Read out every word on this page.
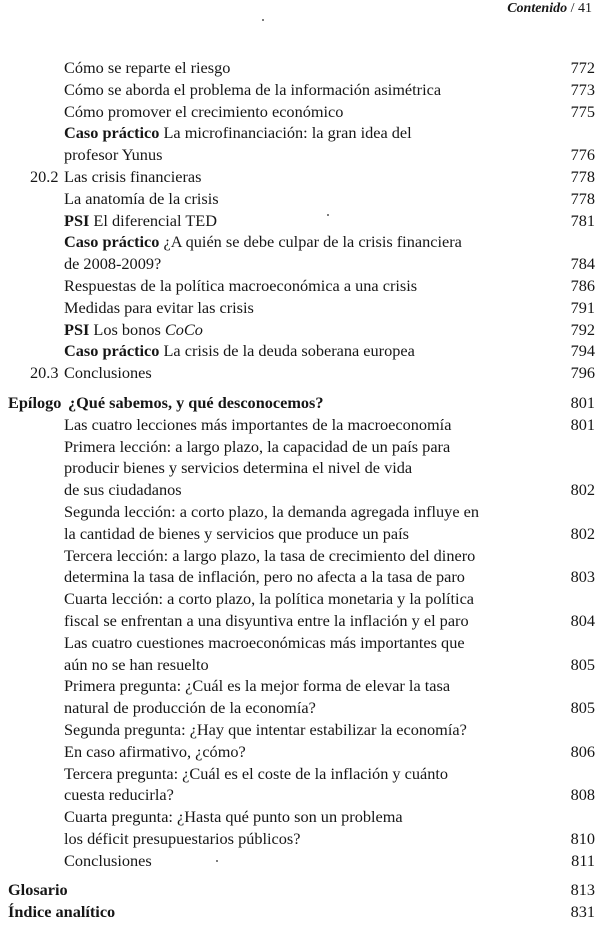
Contenido / 41
Cómo se reparte el riesgo	772
Cómo se aborda el problema de la información asimétrica	773
Cómo promover el crecimiento económico	775
Caso práctico La microfinanciación: la gran idea del
profesor Yunus	776
20.2 Las crisis financieras	778
La anatomía de la crisis	778
PSI El diferencial TED	781
Caso práctico ¿A quién se debe culpar de la crisis financiera
de 2008-2009?	784
Respuestas de la política macroeconómica a una crisis	786
Medidas para evitar las crisis	791
PSI Los bonos CoCo	792
Caso práctico La crisis de la deuda soberana europea	794
20.3 Conclusiones	796
Epílogo ¿Qué sabemos, y qué desconocemos?	801
Las cuatro lecciones más importantes de la macroeconomía	801
Primera lección: a largo plazo, la capacidad de un país para
producir bienes y servicios determina el nivel de vida
de sus ciudadanos	802
Segunda lección: a corto plazo, la demanda agregada influye en
la cantidad de bienes y servicios que produce un país	802
Tercera lección: a largo plazo, la tasa de crecimiento del dinero
determina la tasa de inflación, pero no afecta a la tasa de paro	803
Cuarta lección: a corto plazo, la política monetaria y la política
fiscal se enfrentan a una disyuntiva entre la inflación y el paro	804
Las cuatro cuestiones macroeconómicas más importantes que
aún no se han resuelto	805
Primera pregunta: ¿Cuál es la mejor forma de elevar la tasa
natural de producción de la economía?	805
Segunda pregunta: ¿Hay que intentar estabilizar la economía?
En caso afirmativo, ¿cómo?	806
Tercera pregunta: ¿Cuál es el coste de la inflación y cuánto
cuesta reducirla?	808
Cuarta pregunta: ¿Hasta qué punto son un problema
los déficit presupuestarios públicos?	810
Conclusiones	811
Glosario	813
Índice analítico	831
